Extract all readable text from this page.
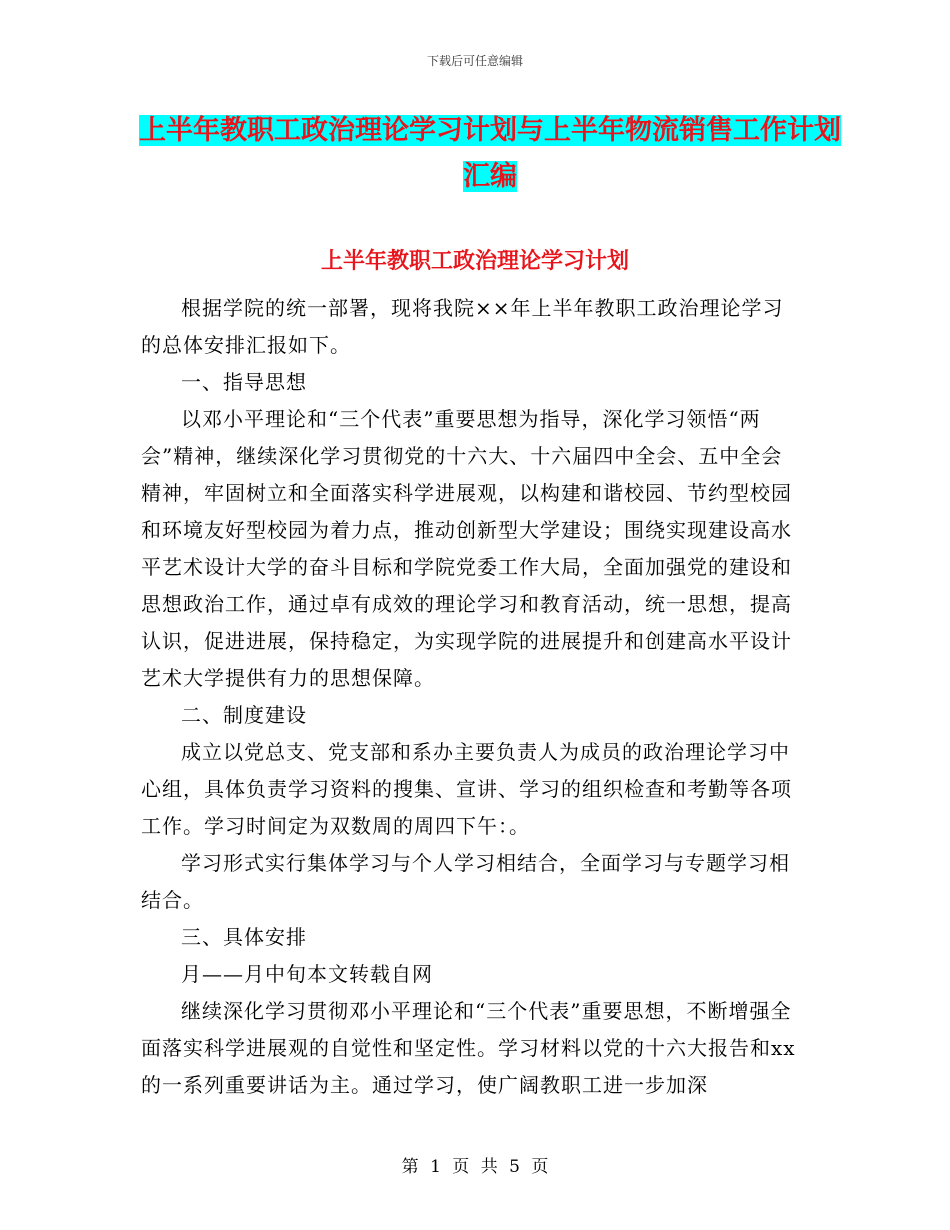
下载后可任意编辑
上半年教职工政治理论学习计划与上半年物流销售工作计划汇编
上半年教职工政治理论学习计划

根据学院的统一部署，现将我院××年上半年教职工政治理论学习的总体安排汇报如下。

一、指导思想

以邓小平理论和“三个代表”重要思想为指导，深化学习领悟“两会”精神，继续深化学习贯彻党的十六大、十六届四中全会、五中全会精神，牢固树立和全面落实科学进展观，以构建和谐校园、节约型校园和环境友好型校园为着力点，推动创新型大学建设；围绕实现建设高水平艺术设计大学的奋斗目标和学院党委工作大局，全面加强党的建设和思想政治工作，通过卓有成效的理论学习和教育活动，统一思想，提高认识，促进进展，保持稳定，为实现学院的进展提升和创建高水平设计艺术大学提供有力的思想保障。

二、制度建设

成立以党总支、党支部和系办主要负责人为成员的政治理论学习中心组，具体负责学习资料的搜集、宣讲、学习的组织检查和考勤等各项工作。学习时间定为双数周的周四下午：。

学习形式实行集体学习与个人学习相结合，全面学习与专题学习相结合。

三、具体安排

月——月中旬本文转载自网

继续深化学习贯彻邓小平理论和“三个代表”重要思想，不断增强全面落实科学进展观的自觉性和坚定性。学习材料以党的十六大报告和xx的一系列重要讲话为主。通过学习，使广阔教职工进一步加深

第 1 页 共 5 页
